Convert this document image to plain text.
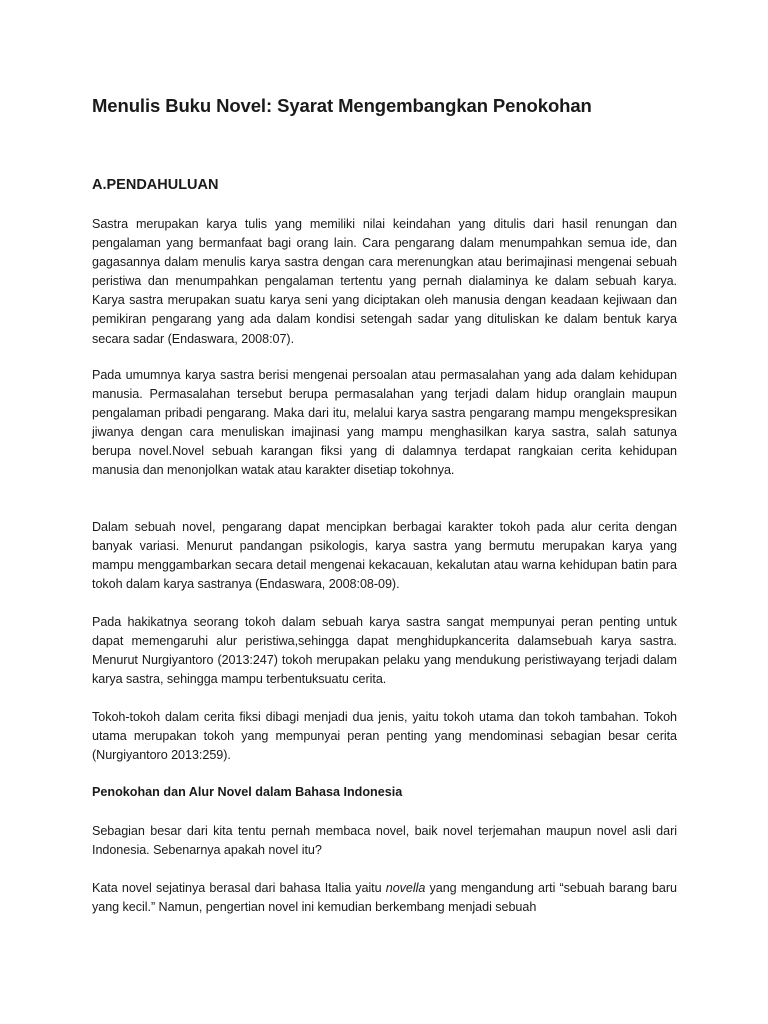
Menulis Buku Novel: Syarat Mengembangkan Penokohan
A.PENDAHULUAN

Sastra merupakan karya tulis yang memiliki nilai keindahan yang ditulis dari hasil renungan dan pengalaman yang bermanfaat bagi orang lain. Cara pengarang dalam menumpahkan semua ide, dan gagasannya dalam menulis karya sastra dengan cara merenungkan atau berimajinasi mengenai sebuah peristiwa dan menumpahkan pengalaman tertentu yang pernah dialaminya ke dalam sebuah karya. Karya sastra merupakan suatu karya seni yang diciptakan oleh manusia dengan keadaan kejiwaan dan pemikiran pengarang yang ada dalam kondisi setengah sadar yang dituliskan ke dalam bentuk karya secara sadar (Endaswara, 2008:07).

Pada umumnya karya sastra berisi mengenai persoalan atau permasalahan yang ada dalam kehidupan manusia. Permasalahan tersebut berupa permasalahan yang terjadi dalam hidup oranglain maupun pengalaman pribadi pengarang. Maka dari itu, melalui karya sastra pengarang mampu mengekspresikan jiwanya dengan cara menuliskan imajinasi yang mampu menghasilkan karya sastra, salah satunya berupa novel.Novel sebuah karangan fiksi yang di dalamnya terdapat rangkaian cerita kehidupan manusia dan menonjolkan watak atau karakter disetiap tokohnya.

Dalam sebuah novel, pengarang dapat mencipkan berbagai karakter tokoh pada alur cerita dengan banyak variasi. Menurut pandangan psikologis, karya sastra yang bermutu merupakan karya yang mampu menggambarkan secara detail mengenai kekacauan, kekalutan atau warna kehidupan batin para tokoh dalam karya sastranya (Endaswara, 2008:08-09).

Pada hakikatnya seorang tokoh dalam sebuah karya sastra sangat mempunyai peran penting untuk dapat memengaruhi alur peristiwa,sehingga dapat menghidupkancerita dalamsebuah karya sastra. Menurut Nurgiyantoro (2013:247) tokoh merupakan pelaku yang mendukung peristiwayang terjadi dalam karya sastra, sehingga mampu terbentuksuatu cerita.

Tokoh-tokoh dalam cerita fiksi dibagi menjadi dua jenis, yaitu tokoh utama dan tokoh tambahan. Tokoh utama merupakan tokoh yang mempunyai peran penting yang mendominasi sebagian besar cerita (Nurgiyantoro 2013:259).

Penokohan dan Alur Novel dalam Bahasa Indonesia

Sebagian besar dari kita tentu pernah membaca novel, baik novel terjemahan maupun novel asli dari Indonesia. Sebenarnya apakah novel itu?

Kata novel sejatinya berasal dari bahasa Italia yaitu novella yang mengandung arti “sebuah barang baru yang kecil.” Namun, pengertian novel ini kemudian berkembang menjadi sebuah
